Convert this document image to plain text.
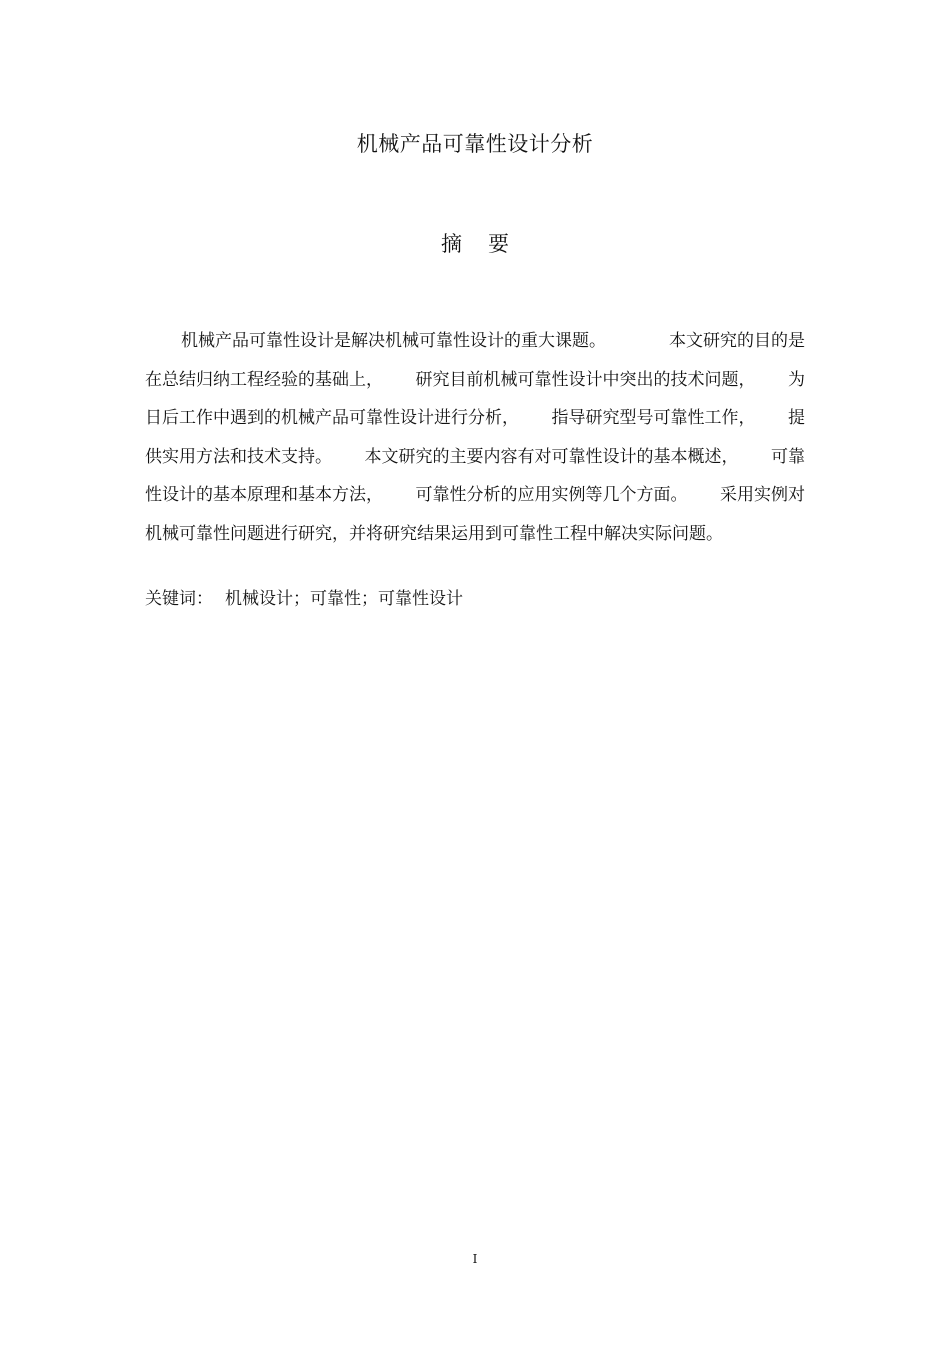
机械产品可靠性设计分析
摘 要
机械产品可靠性设计是解决机械可靠性设计的重大课题。	本文研究的目的是
在总结归纳工程经验的基础上， 研究目前机械可靠性设计中突出的技术问题， 为
日后工作中遇到的机械产品可靠性设计进行分析， 指导研究型号可靠性工作， 提
供实用方法和技术支持。 本文研究的主要内容有对可靠性设计的基本概述， 可靠
性设计的基本原理和基本方法， 可靠性分析的应用实例等几个方面。 采用实例对
机械可靠性问题进行研究，并将研究结果运用到可靠性工程中解决实际问题。

关键词： 机械设计；可靠性；可靠性设计

I
